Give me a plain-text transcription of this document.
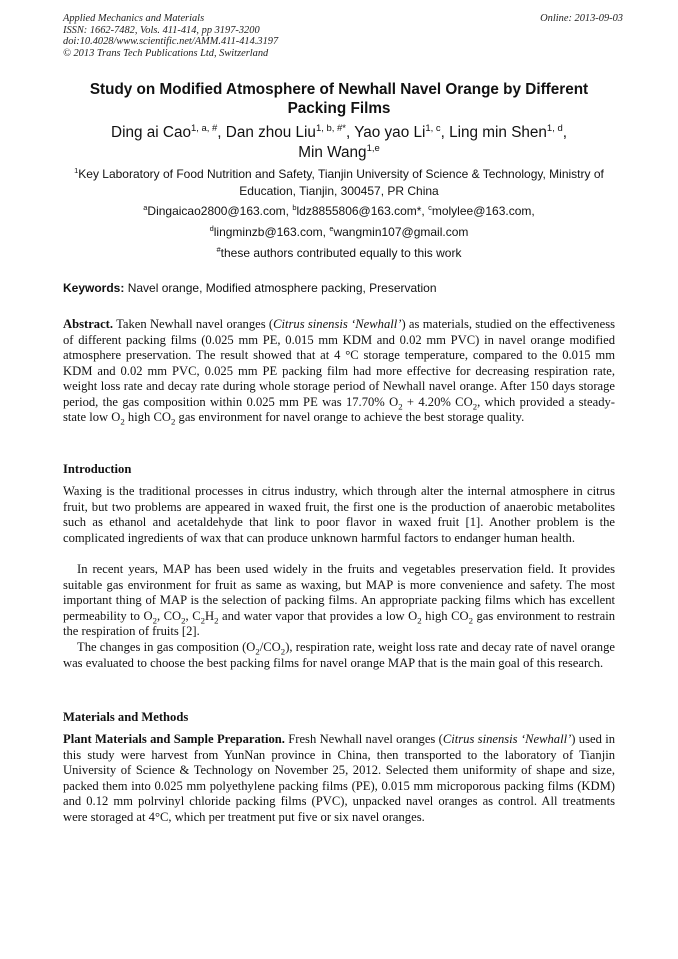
Applied Mechanics and Materials
ISSN: 1662-7482, Vols. 411-414, pp 3197-3200
doi:10.4028/www.scientific.net/AMM.411-414.3197
© 2013 Trans Tech Publications Ltd, Switzerland
Online: 2013-09-03
Study on Modified Atmosphere of Newhall Navel Orange by Different
Packing Films
Ding ai Cao$^{1, a, \#}$, Dan zhou Liu$^{1, b, \#*}$, Yao yao Li$^{1, c}$, Ling min Shen$^{1, d}$,
Min Wang$^{1,e}$
$^1$Key Laboratory of Food Nutrition and Safety, Tianjin University of Science & Technology, Ministry of Education, Tianjin, 300457, PR China
$^a$Dingaicao2800@163.com, $^b$ldz8855806@163.com*, $^c$molylee@163.com,
$^d$lingminzb@163.com, $^e$wangmin107@gmail.com
#these authors contributed equally to this work
Keywords: Navel orange, Modified atmosphere packing, Preservation

Abstract. Taken Newhall navel oranges (Citrus sinensis ‘Newhall’) as materials, studied on the effectiveness of different packing films (0.025 mm PE, 0.015 mm KDM and 0.02 mm PVC) in navel orange modified atmosphere preservation. The result showed that at 4 °C storage temperature, compared to the 0.015 mm KDM and 0.02 mm PVC, 0.025 mm PE packing film had more effective for decreasing respiration rate, weight loss rate and decay rate during whole storage period of Newhall navel orange. After 150 days storage period, the gas composition within 0.025 mm PE was 17.70% $O_2 + 4.20\%$ $CO_2$, which provided a steady-state low $O_2$ high $CO_2$ gas environment for navel orange to achieve the best storage quality.

Introduction

Waxing is the traditional processes in citrus industry, which through alter the internal atmosphere in citrus fruit, but two problems are appeared in waxed fruit, the first one is the production of anaerobic metabolites such as ethanol and acetaldehyde that link to poor flavor in waxed fruit [1]. Another problem is the complicated ingredients of wax that can produce unknown harmful factors to endanger human health.

In recent years, MAP has been used widely in the fruits and vegetables preservation field. It provides suitable gas environment for fruit as same as waxing, but MAP is more convenience and safety. The most important thing of MAP is the selection of packing films. An appropriate packing films which has excellent permeability to $O_2$, $CO_2$, $C_2H_2$ and water vapor that provides a low $O_2$ high $CO_2$ gas environment to restrain the respiration of fruits [2].

The changes in gas composition $(O_2/CO_2)$, respiration rate, weight loss rate and decay rate of navel orange was evaluated to choose the best packing films for navel orange MAP that is the main goal of this research.

Materials and Methods

Plant Materials and Sample Preparation. Fresh Newhall navel oranges (Citrus sinensis ‘Newhall’) used in this study were harvest from YunNan province in China, then transported to the laboratory of Tianjin University of Science & Technology on November 25, 2012. Selected them uniformity of shape and size, packed them into 0.025 mm polyethylene packing films (PE), 0.015 mm microporous packing films (KDM) and 0.12 mm polrvinyl chloride packing films (PVC), unpacked navel oranges as control. All treatments were storaged at 4°C, which per treatment put five or six navel oranges.
